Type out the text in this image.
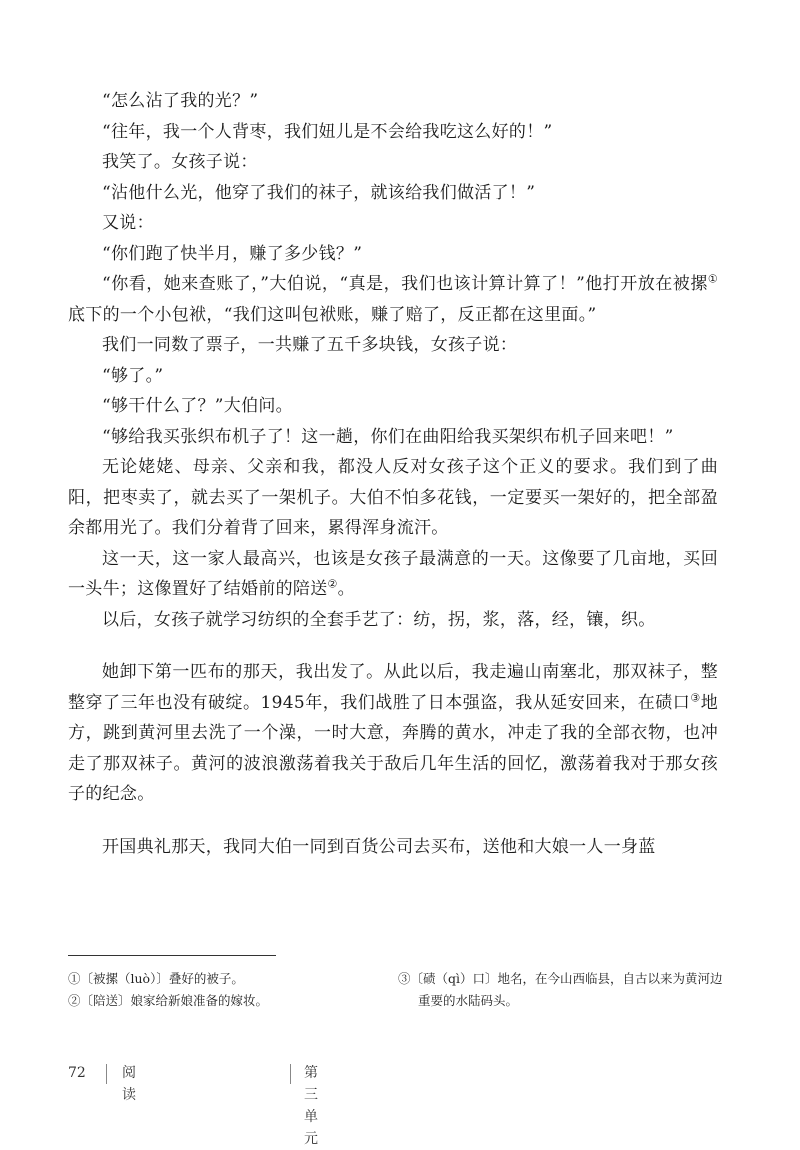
“怎么沾了我的光？”

“往年，我一个人背枣，我们妞儿是不会给我吃这么好的！”

我笑了。女孩子说：

“沾他什么光，他穿了我们的袜子，就该给我们做活了！”

又说：

“你们跑了快半月，赚了多少钱？”

“你看，她来查账了，”大伯说，“真是，我们也该计算计算了！”他打开放在被摞①底下的一个小包袱，“我们这叫包袱账，赚了赔了，反正都在这里面。”

我们一同数了票子，一共赚了五千多块钱，女孩子说：

“够了。”

“够干什么了？”大伯问。

“够给我买张织布机子了！这一趟，你们在曲阳给我买架织布机子回来吧！”

无论姥姥、母亲、父亲和我，都没人反对女孩子这个正义的要求。我们到了曲阳，把枣卖了，就去买了一架机子。大伯不怕多花钱，一定要买一架好的，把全部盈余都用光了。我们分着背了回来，累得浑身流汗。

这一天，这一家人最高兴，也该是女孩子最满意的一天。这像要了几亩地，买回一头牛；这像置好了结婚前的陪送②。

以后，女孩子就学习纺织的全套手艺了：纺，拐，浆，落，经，镶，织。

她卸下第一匹布的那天，我出发了。从此以后，我走遍山南塞北，那双袜子，整整穿了三年也没有破绽。1945年，我们战胜了日本强盗，我从延安回来，在碛口③地方，跳到黄河里去洗了一个澡，一时大意，奔腾的黄水，冲走了我的全部衣物，也冲走了那双袜子。黄河的波浪激荡着我关于敌后几年生活的回忆，激荡着我对于那女孩子的纪念。

开国典礼那天，我同大伯一同到百货公司去买布，送他和大娘一人一身蓝

①〔被摞（luò）〕叠好的被子。

②〔陪送〕娘家给新娘准备的嫁妆。

③〔碛（qì）口〕地名，在今山西临县，自古以来为黄河边重要的水陆码头。

72	阅读
第三单元
